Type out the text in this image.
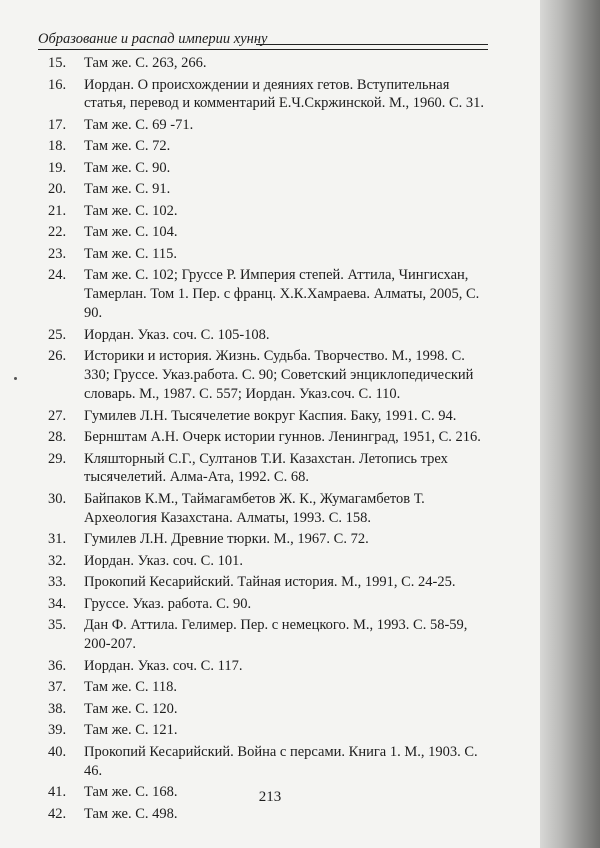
Образование и распад империи хунну
15.	Там же. С. 263, 266.
16.	Иордан. О происхождении и деяниях гетов. Вступительная статья, перевод и комментарий Е.Ч.Скржинской. М., 1960. С. 31.
17.	Там же. С. 69 -71.
18.	Там же. С. 72.
19.	Там же. С. 90.
20.	Там же. С. 91.
21.	Там же. С. 102.
22.	Там же. С. 104.
23.	Там же. С. 115.
24.	Там же. С. 102; Груссе Р. Империя степей. Аттила, Чингисхан, Тамерлан. Том 1. Пер. с франц. Х.К.Хамраева. Алматы, 2005, С. 90.
25.	Иордан. Указ. соч. С. 105-108.
26.	Историки и история. Жизнь. Судьба. Творчество. М., 1998. С. 330; Груссе. Указ.работа. С. 90; Советский энциклопедический словарь. М., 1987. С. 557; Иордан. Указ.соч. С. 110.
27.	Гумилев Л.Н. Тысячелетие вокруг Каспия. Баку, 1991. С. 94.
28.	Бернштам А.Н. Очерк истории гуннов. Ленинград, 1951, С. 216.
29.	Кляшторный С.Г., Султанов Т.И. Казахстан. Летопись трех тысячелетий. Алма-Ата, 1992. С. 68.
30.	Байпаков К.М., Таймагамбетов Ж. К., Жумагамбетов Т. Археология Казахстана. Алматы, 1993. С. 158.
31.	Гумилев Л.Н. Древние тюрки. М., 1967. С. 72.
32.	Иордан. Указ. соч. С. 101.
33.	Прокопий Кесарийский. Тайная история. М., 1991, С. 24-25.
34.	Груссе. Указ. работа. С. 90.
35.	Дан Ф. Аттила. Гелимер. Пер. с немецкого. М., 1993. С. 58-59, 200-207.
36.	Иордан. Указ. соч. С. 117.
37.	Там же. С. 118.
38.	Там же. С. 120.
39.	Там же. С. 121.
40.	Прокопий Кесарийский. Война с персами. Книга 1. М., 1903. С. 46.
41.	Там же. С. 168.
42.	Там же. С. 498.
213
